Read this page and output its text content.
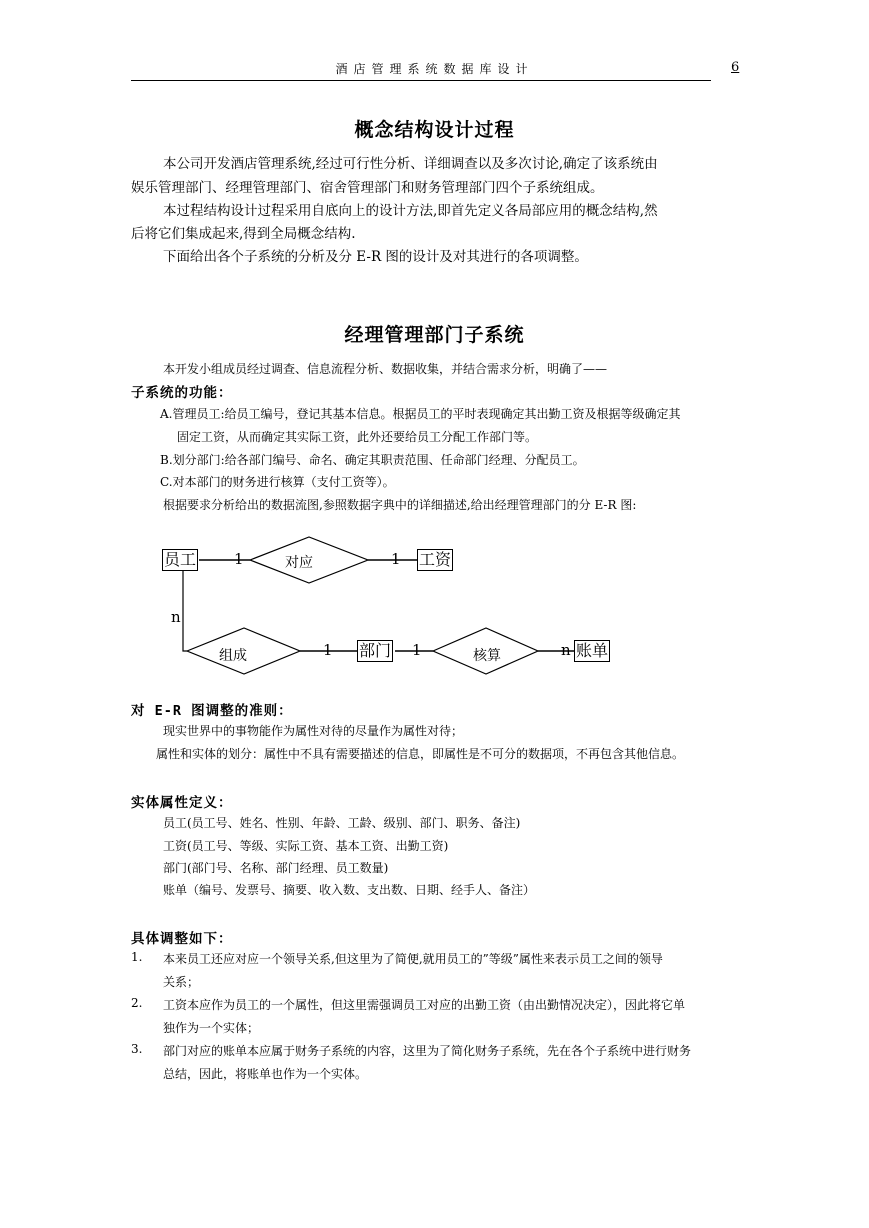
酒店管理系统数据库设计	6
概念结构设计过程
本公司开发酒店管理系统,经过可行性分析、详细调查以及多次讨论,确定了该系统由
娱乐管理部门、经理管理部门、宿舍管理部门和财务管理部门四个子系统组成。
本过程结构设计过程采用自底向上的设计方法,即首先定义各局部应用的概念结构,然
后将它们集成起来,得到全局概念结构.
下面给出各个子系统的分析及分 E-R 图的设计及对其进行的各项调整。
经理管理部门子系统
本开发小组成员经过调查、信息流程分析、数据收集，并结合需求分析，明确了——
子系统的功能：
A.管理员工:给员工编号，登记其基本信息。根据员工的平时表现确定其出勤工资及根据等级确定其
固定工资，从而确定其实际工资，此外还要给员工分配工作部门等。
B.划分部门:给各部门编号、命名、确定其职责范围、任命部门经理、分配员工。
C.对本部门的财务进行核算（支付工资等）。
根据要求分析给出的数据流图,参照数据字典中的详细描述,给出经理管理部门的分 E-R 图:
员工	工资
部门	账单
对应
组成	核算
1	1
n
1	1	n
对 E-R 图调整的准则：
现实世界中的事物能作为属性对待的尽量作为属性对待；
属性和实体的划分：属性中不具有需要描述的信息，即属性是不可分的数据项，不再包含其他信息。
实体属性定义：
员工(员工号、姓名、性别、年龄、工龄、级别、部门、职务、备注)
工资(员工号、等级、实际工资、基本工资、出勤工资)
部门(部门号、名称、部门经理、员工数量)
账单（编号、发票号、摘要、收入数、支出数、日期、经手人、备注）
具体调整如下：
1. 本来员工还应对应一个领导关系,但这里为了简便,就用员工的”等级”属性来表示员工之间的领导
关系；
2. 工资本应作为员工的一个属性，但这里需强调员工对应的出勤工资（由出勤情况决定），因此将它单
独作为一个实体；
3. 部门对应的账单本应属于财务子系统的内容，这里为了简化财务子系统，先在各个子系统中进行财务
总结，因此，将账单也作为一个实体。
